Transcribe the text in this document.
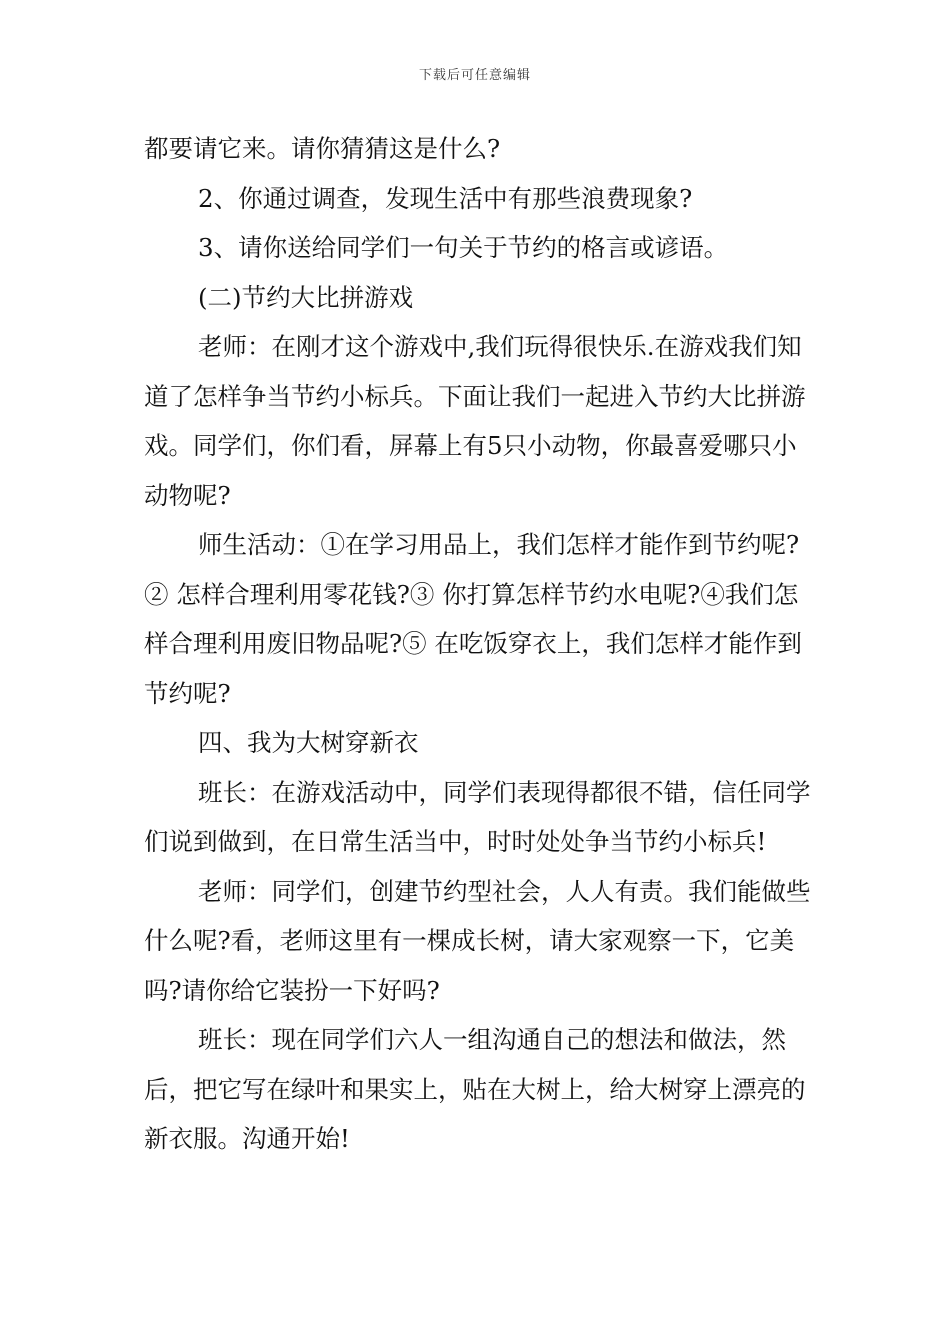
下载后可任意编辑

都要请它来。请你猜猜这是什么?

2、你通过调查，发现生活中有那些浪费现象?

3、请你送给同学们一句关于节约的格言或谚语。

(二)节约大比拼游戏

老师：在刚才这个游戏中,我们玩得很快乐.在游戏我们知道了怎样争当节约小标兵。下面让我们一起进入节约大比拼游戏。同学们，你们看，屏幕上有5只小动物，你最喜爱哪只小动物呢?

师生活动：①在学习用品上，我们怎样才能作到节约呢? ② 怎样合理利用零花钱?③ 你打算怎样节约水电呢?④我们怎样合理利用废旧物品呢?⑤ 在吃饭穿衣上，我们怎样才能作到节约呢?

四、我为大树穿新衣

班长：在游戏活动中，同学们表现得都很不错，信任同学们说到做到，在日常生活当中，时时处处争当节约小标兵!

老师：同学们，创建节约型社会，人人有责。我们能做些什么呢?看，老师这里有一棵成长树，请大家观察一下，它美吗?请你给它装扮一下好吗?

班长：现在同学们六人一组沟通自己的想法和做法，然后，把它写在绿叶和果实上，贴在大树上，给大树穿上漂亮的新衣服。沟通开始!
